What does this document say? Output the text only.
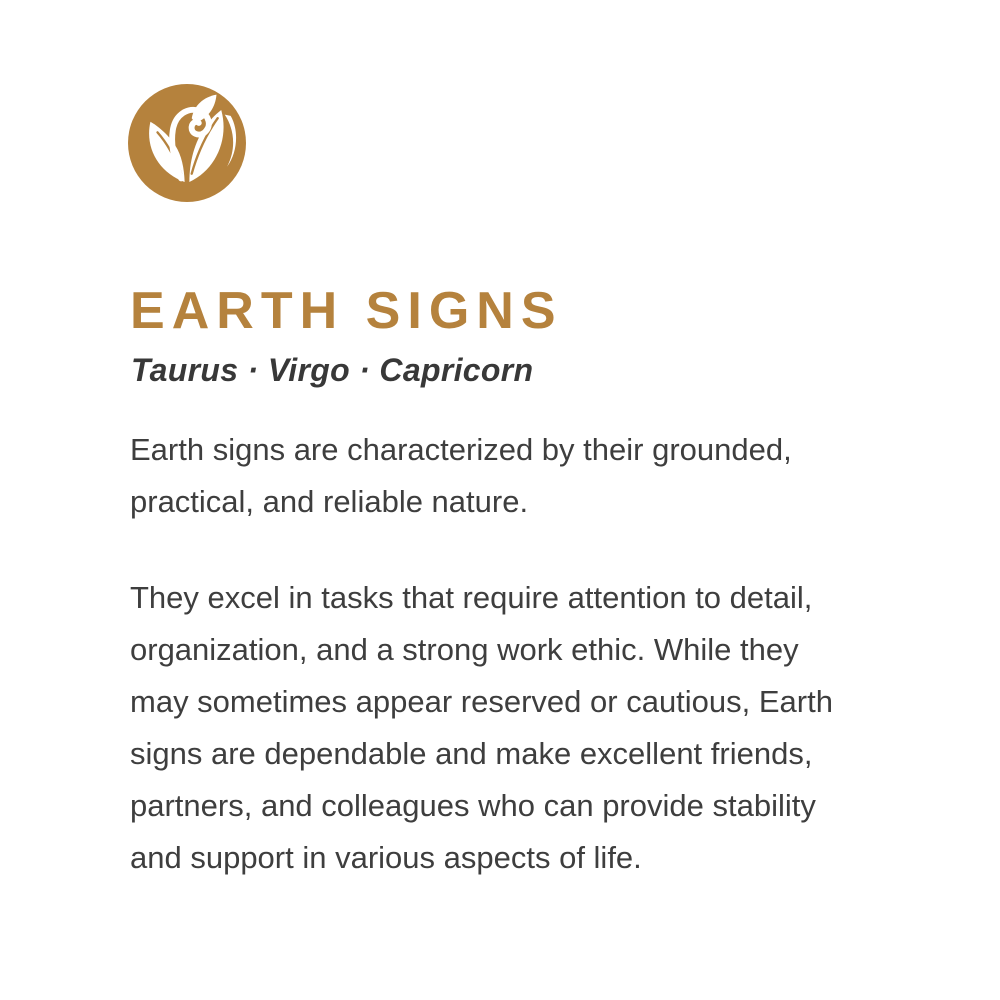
EARTH SIGNS
Taurus · Virgo · Capricorn
Earth signs are characterized by their grounded,
practical, and reliable nature.
They excel in tasks that require attention to detail,
organization, and a strong work ethic. While they
may sometimes appear reserved or cautious, Earth
signs are dependable and make excellent friends,
partners, and colleagues who can provide stability
and support in various aspects of life.
